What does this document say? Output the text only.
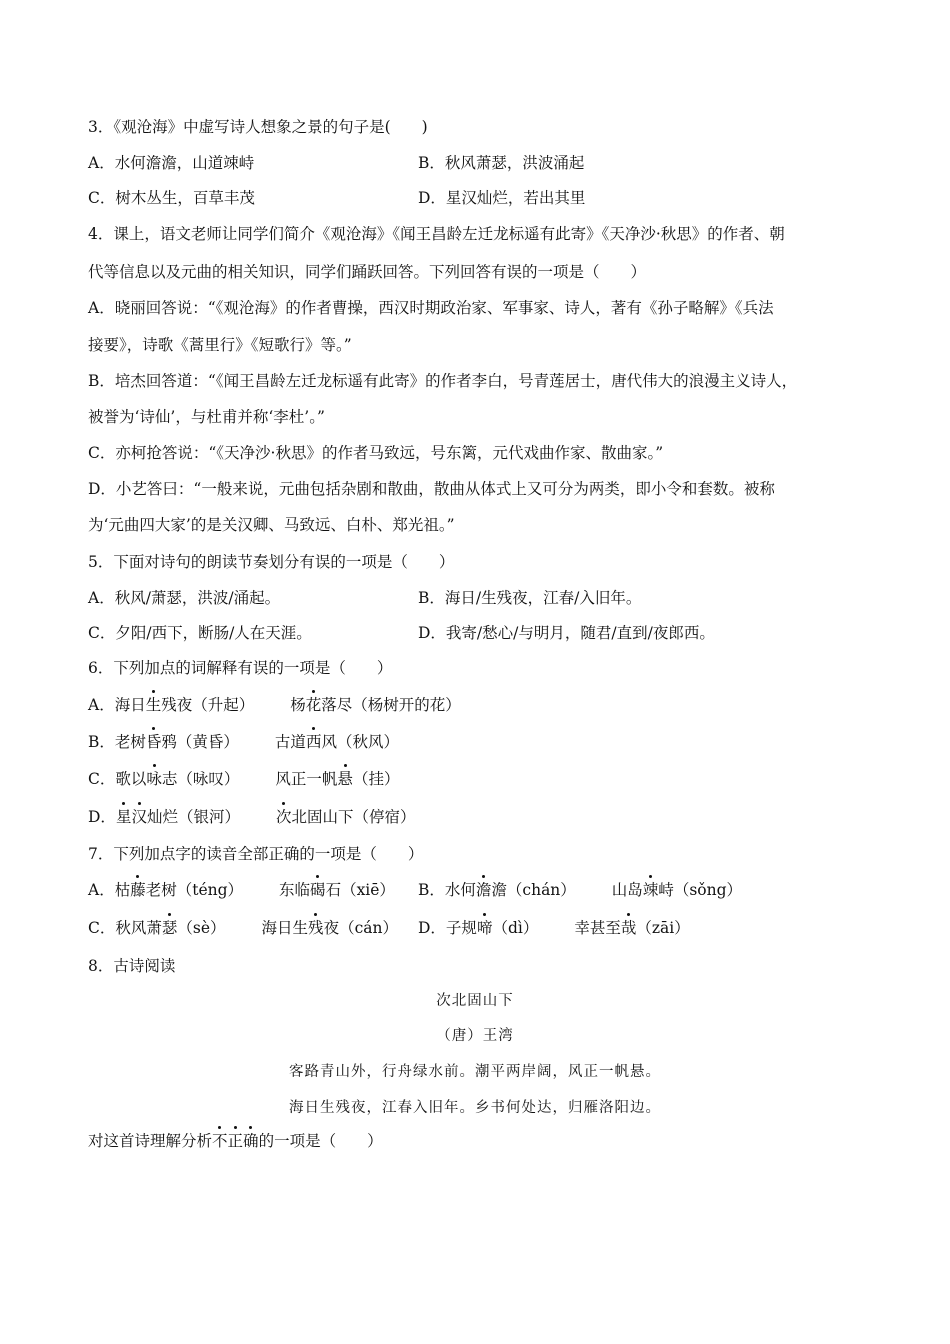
3．《观沧海》中虚写诗人想象之景的句子是(　　)
A．水何澹澹，山道竦峙	B．秋风萧瑟，洪波涌起
C．树木丛生，百草丰茂	D．星汉灿烂，若出其里
4．课上，语文老师让同学们简介《观沧海》《闻王昌龄左迁龙标遥有此寄》《天净沙·秋思》的作者、朝
代等信息以及元曲的相关知识，同学们踊跃回答。下列回答有误的一项是（　　）
A．晓丽回答说：“《观沧海》的作者曹操，西汉时期政治家、军事家、诗人，著有《孙子略解》《兵法
接要》，诗歌《蒿里行》《短歌行》等。”
B．培杰回答道：“《闻王昌龄左迁龙标遥有此寄》的作者李白，号青莲居士，唐代伟大的浪漫主义诗人，
被誉为‘诗仙’，与杜甫并称‘李杜’。”
C．亦柯抢答说：“《天净沙·秋思》的作者马致远，号东篱，元代戏曲作家、散曲家。”
D．小艺答曰：“一般来说，元曲包括杂剧和散曲，散曲从体式上又可分为两类，即小令和套数。被称
为‘元曲四大家’的是关汉卿、马致远、白朴、郑光祖。”
5．下面对诗句的朗读节奏划分有误的一项是（　　）
A．秋风/萧瑟，洪波/涌起。	B．海日/生残夜，江春/入旧年。
C．夕阳/西下，断肠/人在天涯。	D．我寄/愁心/与明月，随君/直到/夜郎西。
6．下列加点的词解释有误的一项是（　　）
A．海日生残夜（升起） 杨花落尽（杨树开的花）
B．老树昏鸦（黄昏） 古道西风（秋风）
C．歌以咏志（咏叹） 风正一帆悬（挂）
D．星汉灿烂（银河） 次北固山下（停宿）
7．下列加点字的读音全部正确的一项是（　　）
A．枯藤老树（téng） 东临碣石（xiē） B．水何澹澹（chán） 山岛竦峙（sǒng）
C．秋风萧瑟（sè） 海日生残夜（cán） D．子规啼（dì） 幸甚至哉（zāi）
8．古诗阅读
次北固山下
（唐）王湾
客路青山外，行舟绿水前。潮平两岸阔，风正一帆悬。
海日生残夜，江春入旧年。乡书何处达，归雁洛阳边。
对这首诗理解分析不正确的一项是（　　）
